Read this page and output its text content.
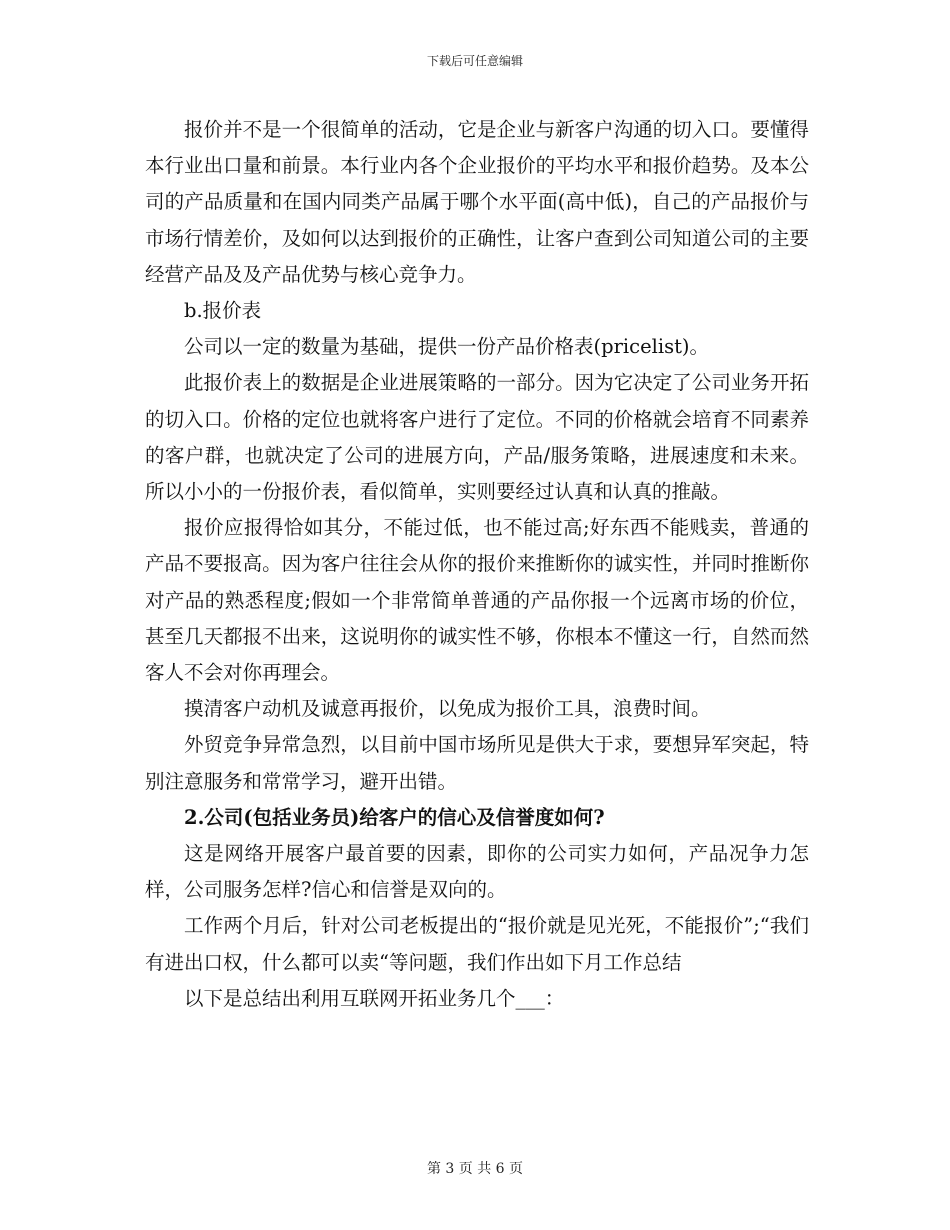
下载后可任意编辑

报价并不是一个很简单的活动，它是企业与新客户沟通的切入口。要懂得本行业出口量和前景。本行业内各个企业报价的平均水平和报价趋势。及本公司的产品质量和在国内同类产品属于哪个水平面(高中低)，自己的产品报价与市场行情差价，及如何以达到报价的正确性，让客户查到公司知道公司的主要经营产品及及产品优势与核心竞争力。

b.报价表

公司以一定的数量为基础，提供一份产品价格表(pricelist)。

此报价表上的数据是企业进展策略的一部分。因为它决定了公司业务开拓的切入口。价格的定位也就将客户进行了定位。不同的价格就会培育不同素养的客户群，也就决定了公司的进展方向，产品/服务策略，进展速度和未来。所以小小的一份报价表，看似简单，实则要经过认真和认真的推敲。

报价应报得恰如其分，不能过低，也不能过高;好东西不能贱卖，普通的产品不要报高。因为客户往往会从你的报价来推断你的诚实性，并同时推断你对产品的熟悉程度;假如一个非常简单普通的产品你报一个远离市场的价位，甚至几天都报不出来，这说明你的诚实性不够，你根本不懂这一行，自然而然客人不会对你再理会。

摸清客户动机及诚意再报价，以免成为报价工具，浪费时间。

外贸竞争异常急烈，以目前中国市场所见是供大于求，要想异军突起，特别注意服务和常常学习，避开出错。

2.公司(包括业务员)给客户的信心及信誉度如何?

这是网络开展客户最首要的因素，即你的公司实力如何，产品况争力怎样，公司服务怎样?信心和信誉是双向的。

工作两个月后，针对公司老板提出的“报价就是见光死，不能报价”;“我们有进出口权，什么都可以卖“等问题，我们作出如下月工作总结

以下是总结出利用互联网开拓业务几个___：

第 3 页 共 6 页
